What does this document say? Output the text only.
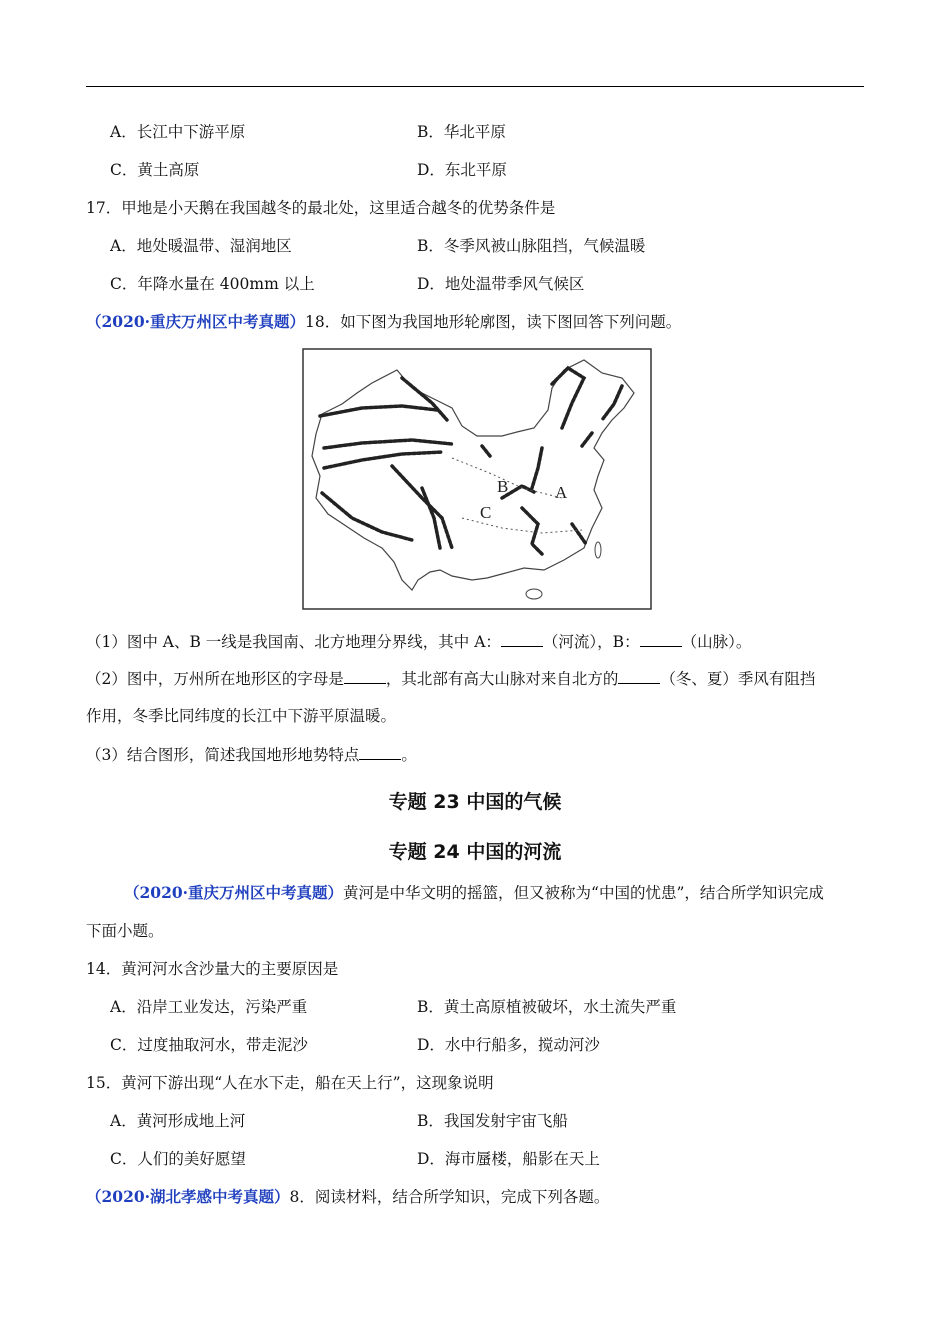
A．长江中下游平原	B．华北平原
C．黄土高原	D．东北平原
17．甲地是小天鹅在我国越冬的最北处，这里适合越冬的优势条件是
A．地处暖温带、湿润地区	B．冬季风被山脉阻挡，气候温暖
C．年降水量在 400mm 以上	D．地处温带季风气候区
（2020·重庆万州区中考真题）18．如下图为我国地形轮廓图，读下图回答下列问题。
B	A
C
（1）图中 A、B 一线是我国南、北方地理分界线，其中 A：	（河流），B：	（山脉）。
（2）图中，万州所在地形区的字母是	，其北部有高大山脉对来自北方的	（冬、夏）季风有阻挡
作用，冬季比同纬度的长江中下游平原温暖。
（3）结合图形，简述我国地形地势特点	。
专题 23 中国的气候
专题 24 中国的河流
（2020·重庆万州区中考真题）黄河是中华文明的摇篮，但又被称为“中国的忧患”，结合所学知识完成
下面小题。
14．黄河河水含沙量大的主要原因是
A．沿岸工业发达，污染严重	B．黄土高原植被破坏，水土流失严重
C．过度抽取河水，带走泥沙	D．水中行船多，搅动河沙
15．黄河下游出现“人在水下走，船在天上行”，这现象说明
A．黄河形成地上河	B．我国发射宇宙飞船
C．人们的美好愿望	D．海市蜃楼，船影在天上
（2020·湖北孝感中考真题）8．阅读材料，结合所学知识，完成下列各题。
